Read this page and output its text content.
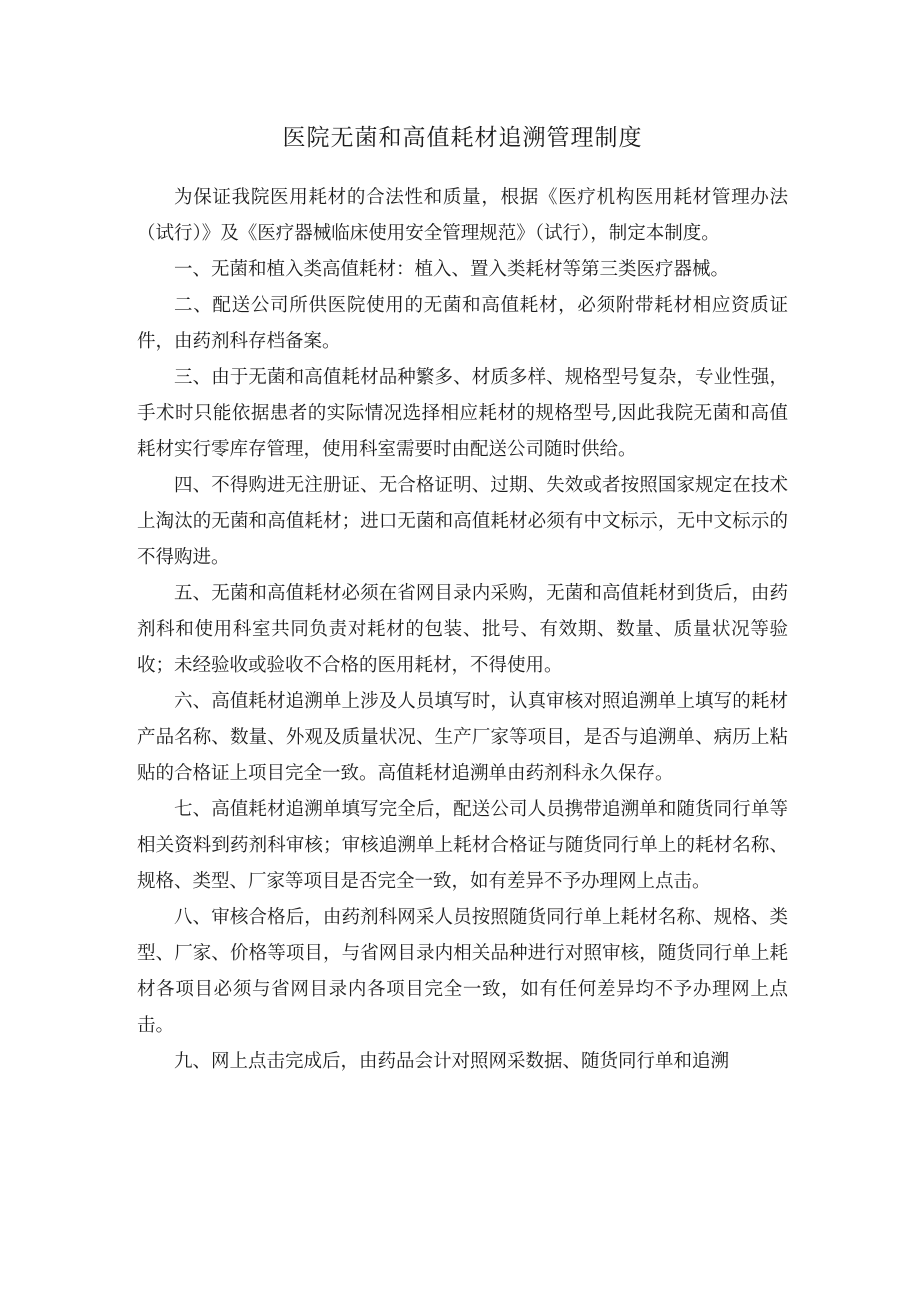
医院无菌和高值耗材追溯管理制度

为保证我院医用耗材的合法性和质量，根据《医疗机构医用耗材管理办法（试行）》及《医疗器械临床使用安全管理规范》（试行），制定本制度。

一、无菌和植入类高值耗材：植入、置入类耗材等第三类医疗器械。

二、配送公司所供医院使用的无菌和高值耗材，必须附带耗材相应资质证件，由药剂科存档备案。

三、由于无菌和高值耗材品种繁多、材质多样、规格型号复杂，专业性强，手术时只能依据患者的实际情况选择相应耗材的规格型号,因此我院无菌和高值耗材实行零库存管理，使用科室需要时由配送公司随时供给。

四、不得购进无注册证、无合格证明、过期、失效或者按照国家规定在技术上淘汰的无菌和高值耗材；进口无菌和高值耗材必须有中文标示，无中文标示的不得购进。

五、无菌和高值耗材必须在省网目录内采购，无菌和高值耗材到货后，由药剂科和使用科室共同负责对耗材的包装、批号、有效期、数量、质量状况等验收；未经验收或验收不合格的医用耗材，不得使用。

六、高值耗材追溯单上涉及人员填写时，认真审核对照追溯单上填写的耗材产品名称、数量、外观及质量状况、生产厂家等项目，是否与追溯单、病历上粘贴的合格证上项目完全一致。高值耗材追溯单由药剂科永久保存。

七、高值耗材追溯单填写完全后，配送公司人员携带追溯单和随货同行单等相关资料到药剂科审核；审核追溯单上耗材合格证与随货同行单上的耗材名称、规格、类型、厂家等项目是否完全一致，如有差异不予办理网上点击。

八、审核合格后，由药剂科网采人员按照随货同行单上耗材名称、规格、类型、厂家、价格等项目，与省网目录内相关品种进行对照审核，随货同行单上耗材各项目必须与省网目录内各项目完全一致，如有任何差异均不予办理网上点击。

九、网上点击完成后，由药品会计对照网采数据、随货同行单和追溯
